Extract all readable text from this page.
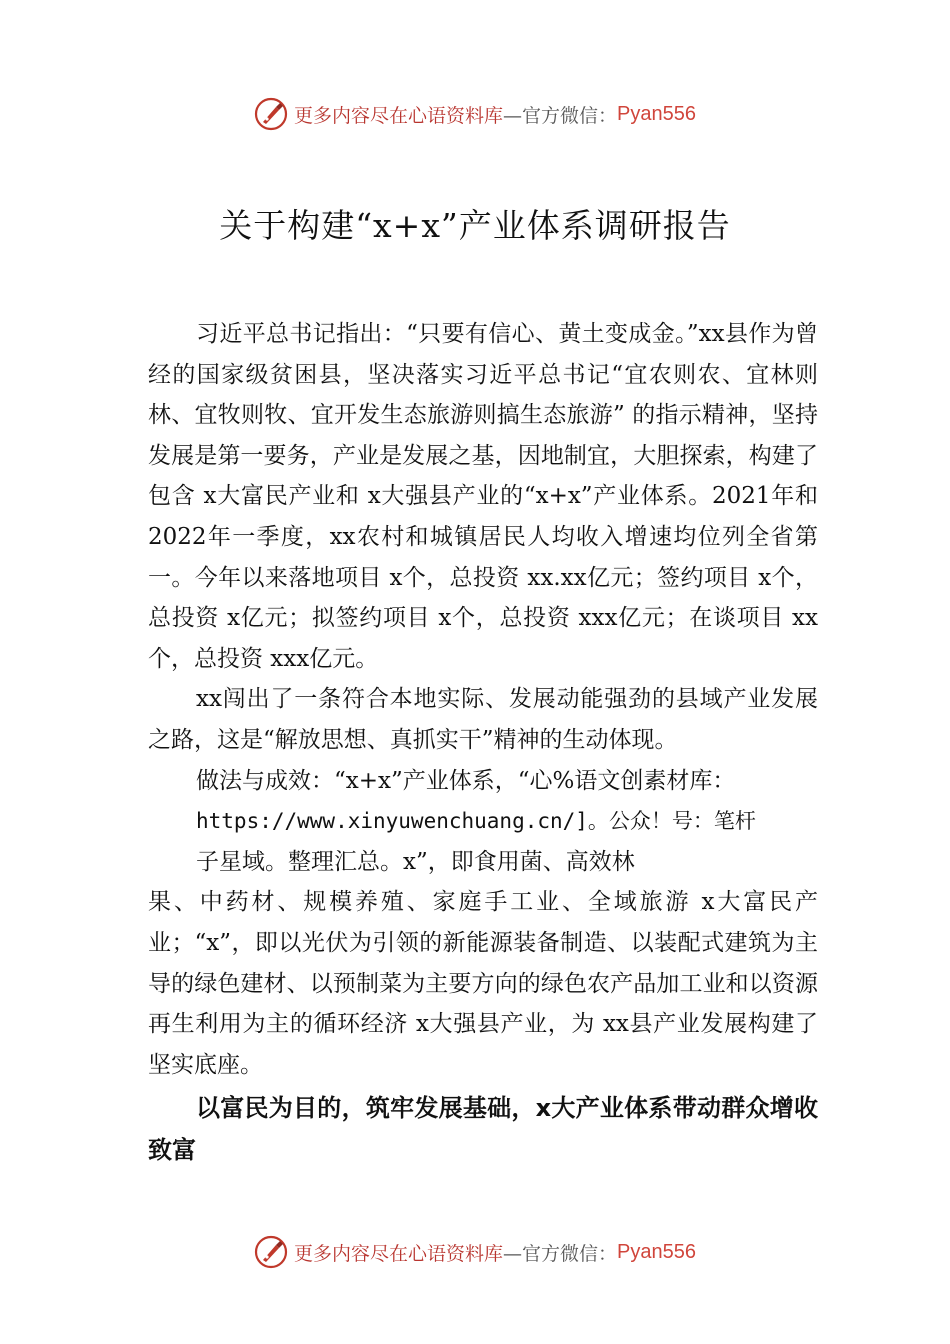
更多内容尽在心语资料库 —官方微信： Pyan556
关于构建“x+x”产业体系调研报告

习近平总书记指出：“只要有信心、黄土变成金。”xx县作为曾经的国家级贫困县，坚决落实习近平总书记“宜农则农、宜林则林、宜牧则牧、宜开发生态旅游则搞生态旅游” 的指示精神，坚持发展是第一要务，产业是发展之基，因地制宜，大胆探索，构建了包含 x大富民产业和 x大强县产业的“x+x”产业体系。2021年和 2022年一季度，xx农村和城镇居民人均收入增速均位列全省第一。今年以来落地项目 x个，总投资 xx.xx亿元；签约项目 x个，总投资 x亿元；拟签约项目 x个，总投资 xxx亿元；在谈项目 xx个，总投资 xxx亿元。

xx闯出了一条符合本地实际、发展动能强劲的县域产业发展之路，这是“解放思想、真抓实干”精神的生动体现。

做法与成效：“x+x”产业体系，“心%语文创素材库：

https://www.xinyuwenchuang.cn/]。公众！号：笔杆

子星域。整理汇总。x”，即食用菌、高效林

果、中药材、规模养殖、家庭手工业、全域旅游 x大富民产业；“x”，即以光伏为引领的新能源装备制造、以装配式建筑为主导的绿色建材、以预制菜为主要方向的绿色农产品加工业和以资源再生利用为主的循环经济 x大强县产业，为 xx县产业发展构建了坚实底座。

以富民为目的，筑牢发展基础，x大产业体系带动群众增收致富

更多内容尽在心语资料库 —官方微信： Pyan556
